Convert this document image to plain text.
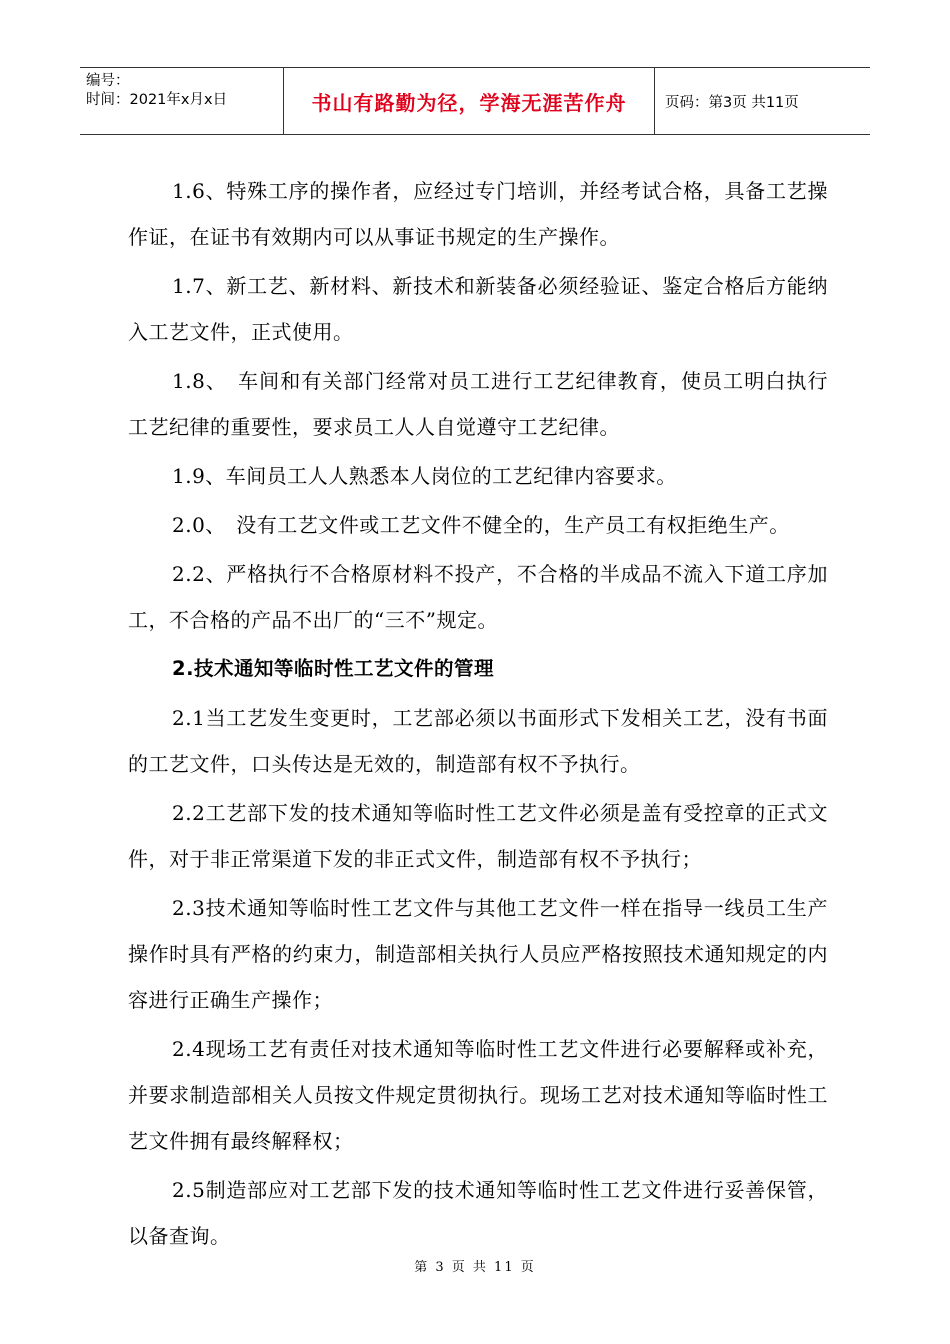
编号：
时间：2021年x月x日	书山有路勤为径，学海无涯苦作舟	页码：第3页 共11页

1.6、特殊工序的操作者，应经过专门培训，并经考试合格，具备工艺操作证，在证书有效期内可以从事证书规定的生产操作。

1.7、新工艺、新材料、新技术和新装备必须经验证、鉴定合格后方能纳入工艺文件，正式使用。

1.8、　车间和有关部门经常对员工进行工艺纪律教育，使员工明白执行工艺纪律的重要性，要求员工人人自觉遵守工艺纪律。

1.9、车间员工人人熟悉本人岗位的工艺纪律内容要求。

2.0、　没有工艺文件或工艺文件不健全的，生产员工有权拒绝生产。

2.2、严格执行不合格原材料不投产，不合格的半成品不流入下道工序加工，不合格的产品不出厂的“三不”规定。

2.技术通知等临时性工艺文件的管理

2.1当工艺发生变更时，工艺部必须以书面形式下发相关工艺，没有书面的工艺文件，口头传达是无效的，制造部有权不予执行。

2.2工艺部下发的技术通知等临时性工艺文件必须是盖有受控章的正式文件，对于非正常渠道下发的非正式文件，制造部有权不予执行；

2.3技术通知等临时性工艺文件与其他工艺文件一样在指导一线员工生产操作时具有严格的约束力，制造部相关执行人员应严格按照技术通知规定的内容进行正确生产操作；

2.4现场工艺有责任对技术通知等临时性工艺文件进行必要解释或补充，并要求制造部相关人员按文件规定贯彻执行。现场工艺对技术通知等临时性工艺文件拥有最终解释权；

2.5制造部应对工艺部下发的技术通知等临时性工艺文件进行妥善保管，以备查询。

第 3 页 共 11 页
